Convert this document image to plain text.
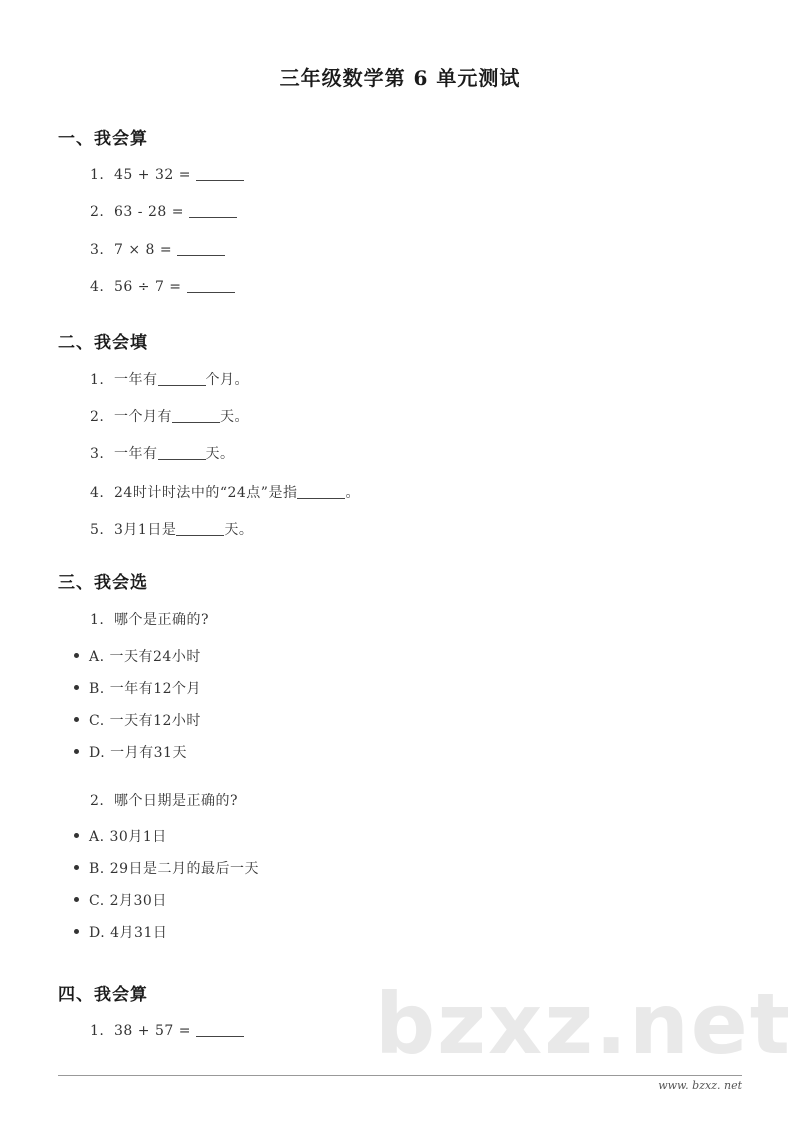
三年级数学第 6 单元测试
一、我会算
1. 45 + 32 =
2. 63 - 28 =
3. 7 × 8 =
4. 56 ÷ 7 =
二、我会填
1. 一年有	个月。
2. 一个月有	天。
3. 一年有	天。
4. 24时计时法中的“24点”是指	。
5. 3月1日是	天。
三、我会选
1. 哪个是正确的?
A. 一天有24小时
B. 一年有12个月
C. 一天有12小时
D. 一月有31天
2. 哪个日期是正确的?
A. 30月1日
B. 29日是二月的最后一天
C. 2月30日
D. 4月31日
bzxz.net
四、我会算
1. 38 + 57 =
www. bzxz. net
